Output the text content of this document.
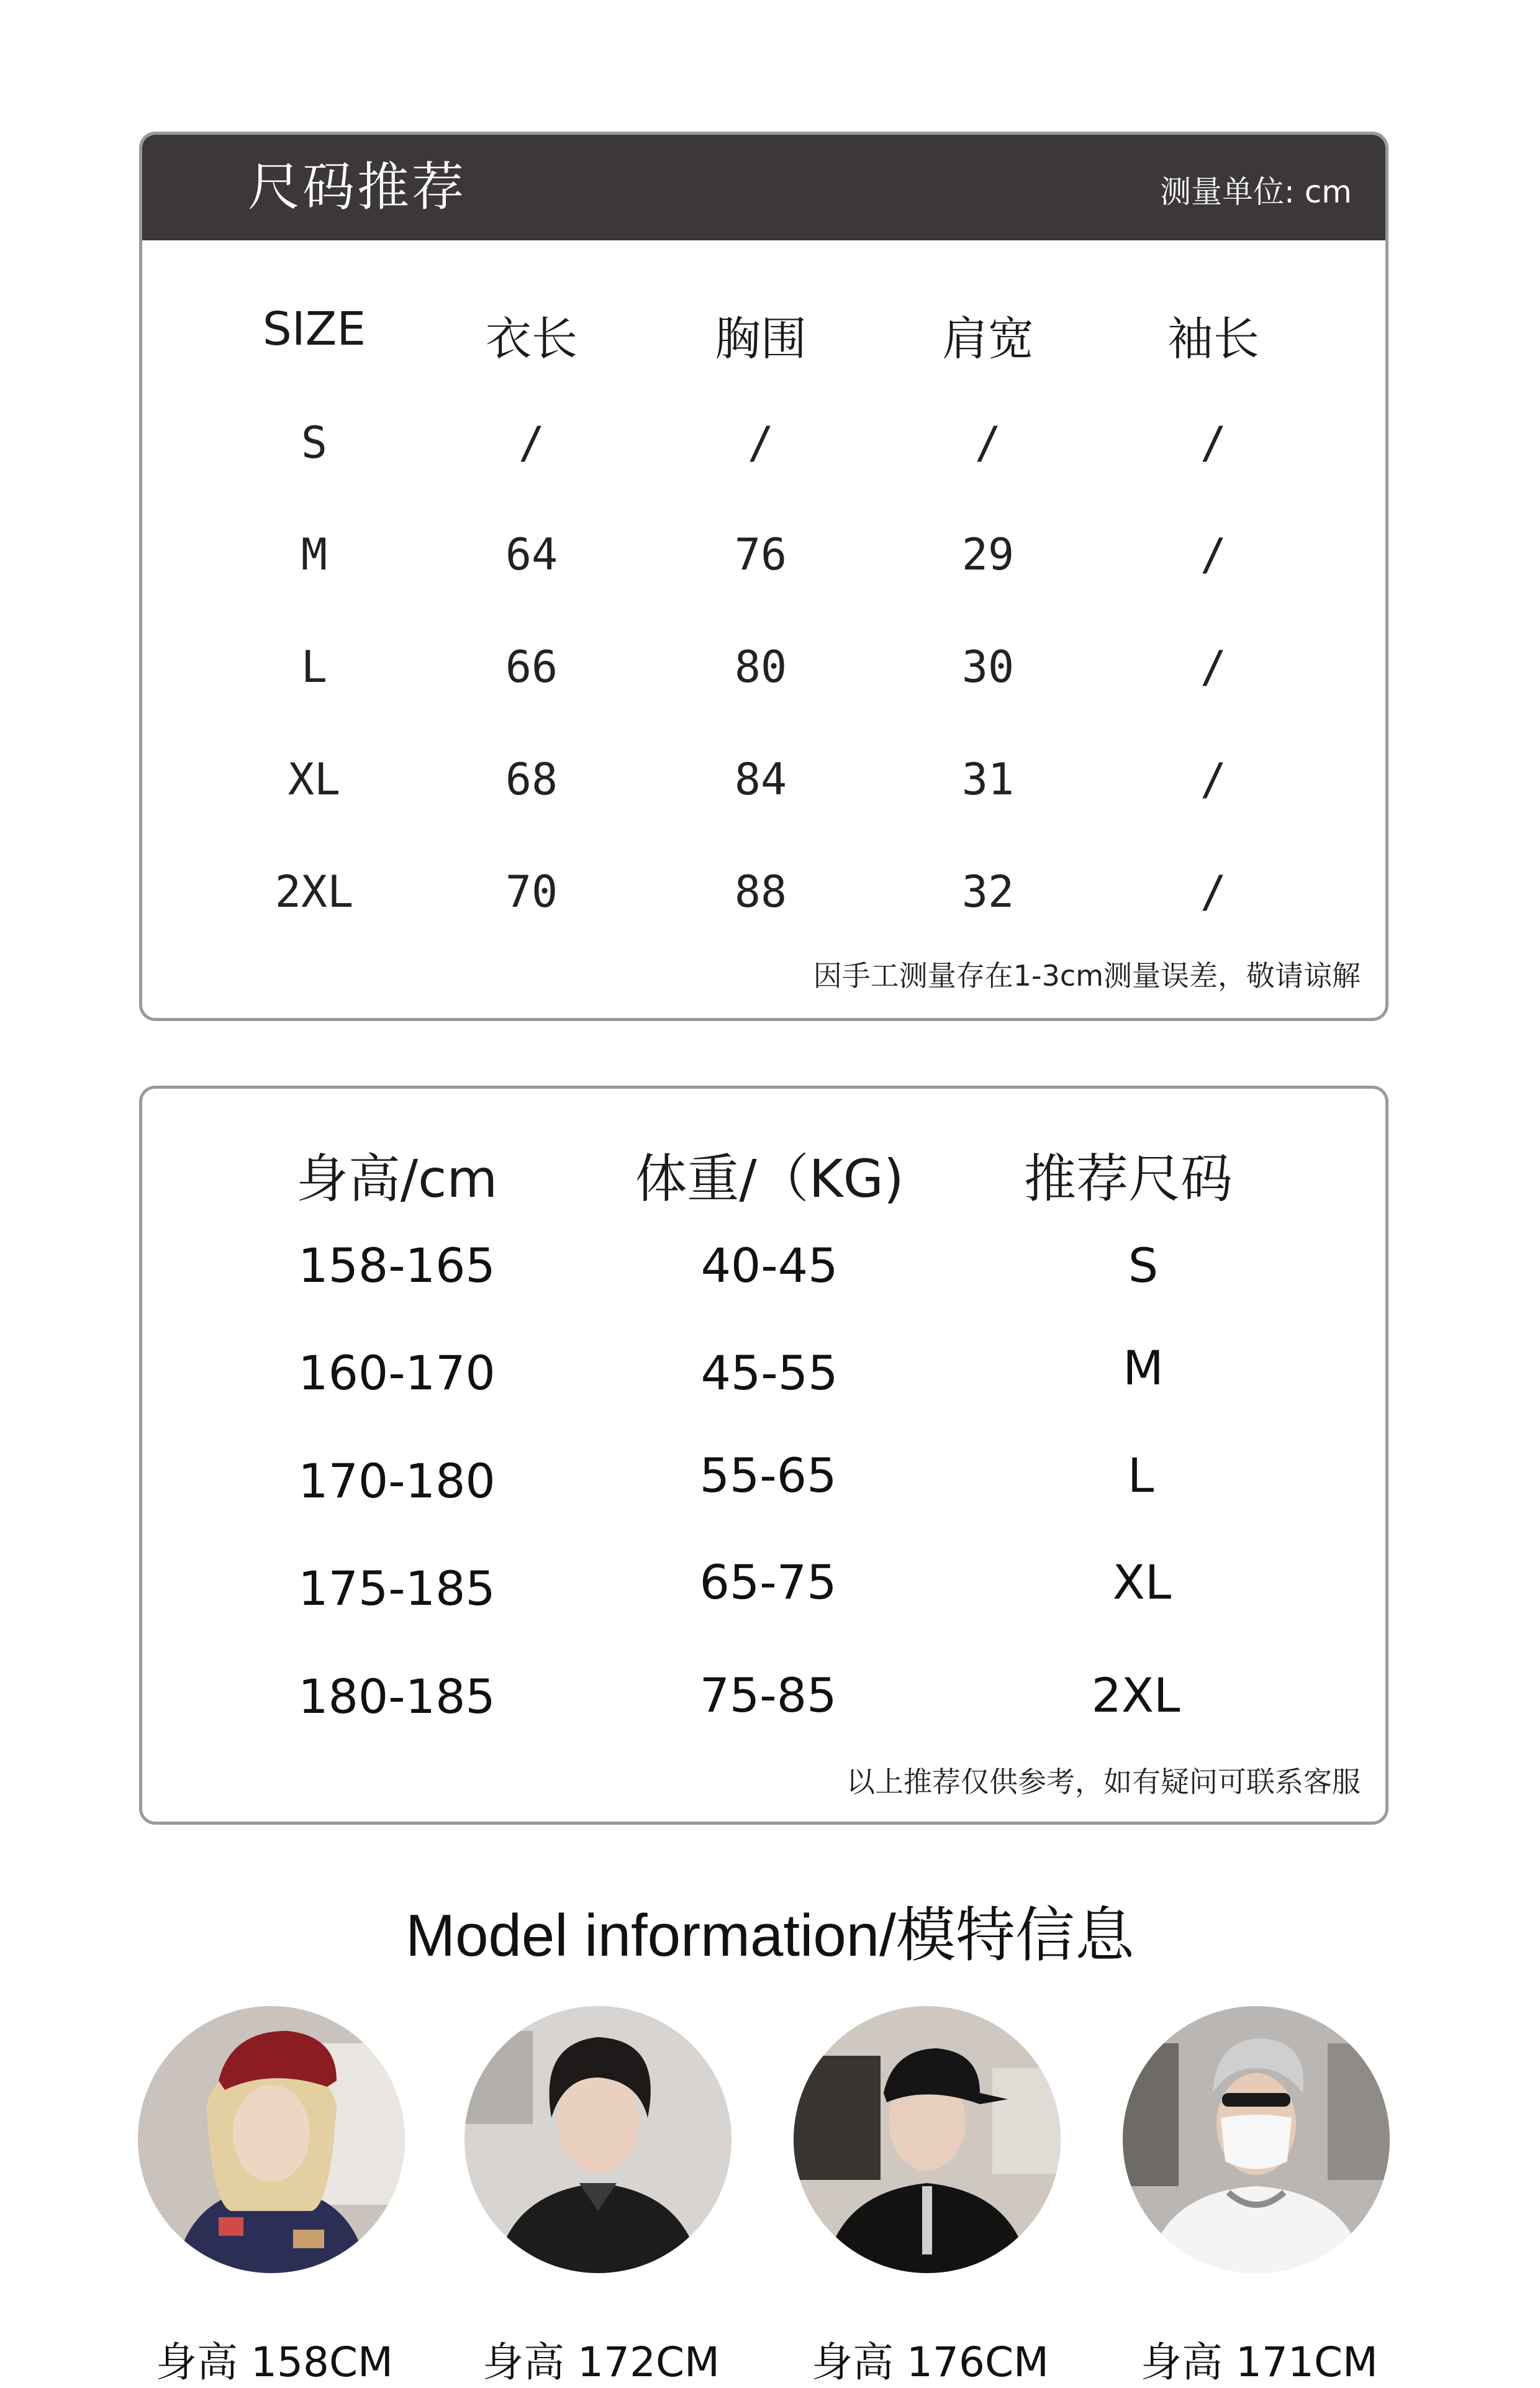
尺码推荐	测量单位: cm
SIZE	衣长	胸围	肩宽	袖长
S	/	/	/	/
M	64	76	29	/
L	66	80	30	/
XL	68	84	31	/
2XL	70	88	32	/
因手工测量存在1-3cm测量误差，敬请谅解
身高/cm	体重/（KG) 推荐尺码
158-165	40-45	S
160-170	45-55	M
170-180	55-65	L
175-185	65-75	XL
180-185	75-85	2XL
以上推荐仅供参考，如有疑问可联系客服
Model information/模特信息
身高 158CM	身高 172CM	身高 176CM	身高 171CM
